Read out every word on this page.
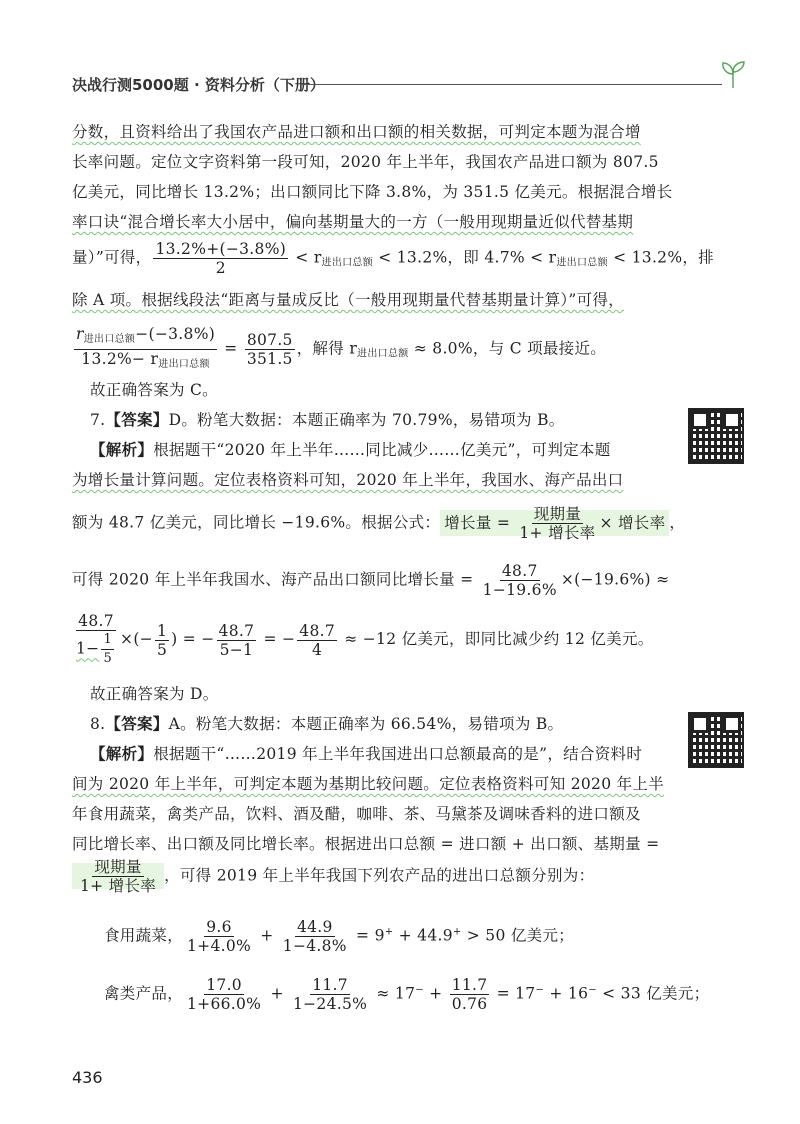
决战行测5000题 · 资料分析（下册）
分数，且资料给出了我国农产品进口额和出口额的相关数据，可判定本题为混合增
长率问题。定位文字资料第一段可知，2020 年上半年，我国农产品进口额为 807.5
亿美元，同比增长 13.2%；出口额同比下降 3.8%，为 351.5 亿美元。根据混合增长
率口诀“混合增长率大小居中，偏向基期量大的一方（一般用现期量近似代替基期
量）”可得， $\frac{13.2\%+(-3.8\%)}{2} < r_{进出口总额} < 13.2\%$，即 $4.7\% < r_{进出口总额} < 13.2\%$，排
除 A 项。根据线段法“距离与量成反比（一般用现期量代替基期量计算）”可得，
$\frac{r_{进出口总额}-(-3.8\%)}{13.2\%- r_{进出口总额}} = \frac{807.5}{351.5}$ ，解得 $r_{进出口总额} \approx 8.0\%$，与 C 项最接近。
故正确答案为 C。
7.【答案】D。粉笔大数据：本题正确率为 70.79%，易错项为 B。
【解析】根据题干“2020 年上半年……同比减少……亿美元”，可判定本题
为增长量计算问题。定位表格资料可知，2020 年上半年，我国水、海产品出口
额为 48.7 亿美元，同比增长 −19.6%。根据公式： 增长量 = $\frac{\text{现期量}}{\text{1+ 增长率}}$ × 增长率 ，
可得 2020 年上半年我国水、海产品出口额同比增长量 = $\frac{48.7}{1-19.6\%} \times(-19.6\%)$ ≈
$\frac{48.7}{1- \frac{1}{5}}$ ×(− $\frac{1}{5}$ ) = − $\frac{48.7}{5-1}$ = − $\frac{48.7}{4} \approx -12$ 亿美元，即同比减少约 12 亿美元。
故正确答案为 D。
8.【答案】A。粉笔大数据：本题正确率为 66.54%，易错项为 B。
【解析】根据题干“……2019 年上半年我国进出口总额最高的是”，结合资料时
间为 2020 年上半年，可判定本题为基期比较问题。定位表格资料可知 2020 年上半
年食用蔬菜，禽类产品，饮料、酒及醋，咖啡、茶、马黛茶及调味香料的进口额及
同比增长率、出口额及同比增长率。根据进出口总额 = 进口额 + 出口额、基期量 =
$\frac{\text{现期量}}{\text{1+ 增长率}}$ ，可得 2019 年上半年我国下列农产品的进出口总额分别为：
食用蔬菜， $\frac{9.6}{1+4.0\%} + \frac{44.9}{1-4.8\%} = 9^+ + 44.9^+ > 50$ 亿美元；
禽类产品， $\frac{17.0}{1+66.0\%} + \frac{11.7}{1-24.5\%} \approx 17^- + \frac{11.7}{0.76} = 17^- + 16^- < 33$ 亿美元；
436
